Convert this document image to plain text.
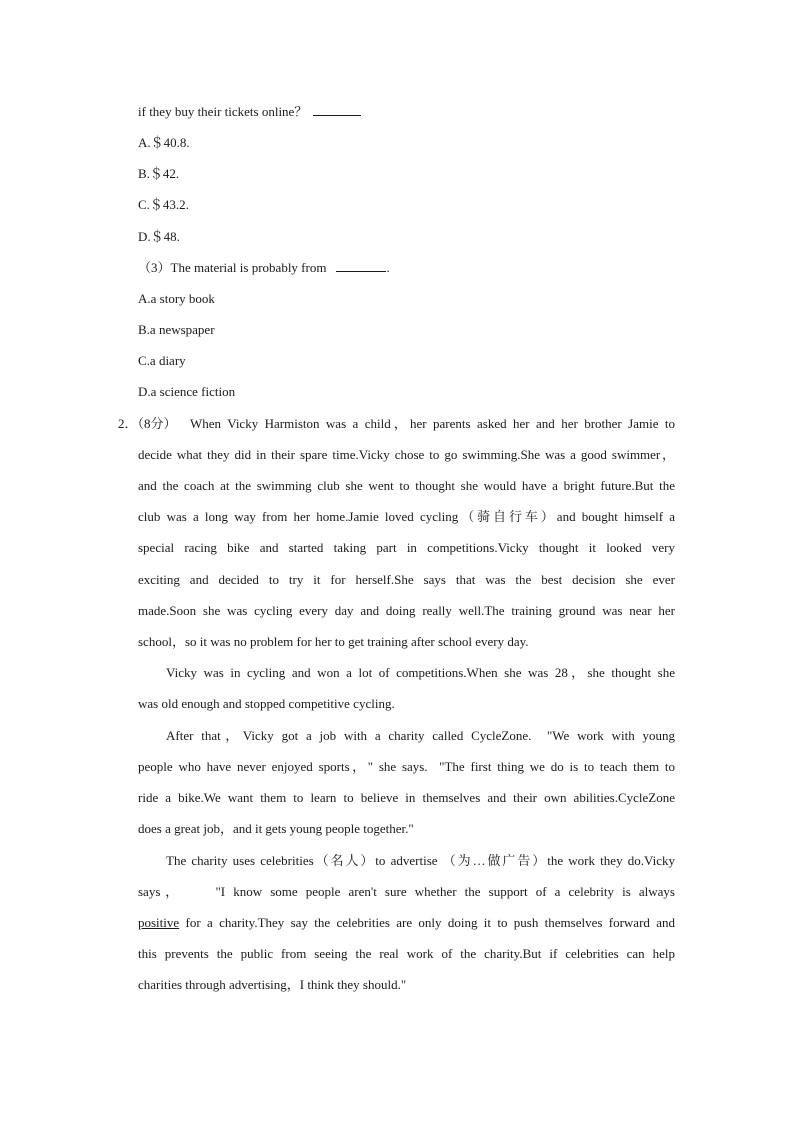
if they buy their tickets online？
A.＄40.8.
B.＄42.
C.＄43.2.
D.＄48.
（3）The material is probably from	.
A.a story book
B.a newspaper
C.a diary
D.a science fiction
2．（8分） When Vicky Harmiston was a child，her parents asked her and her brother Jamie to
decide what they did in their spare time.Vicky chose to go swimming.She was a good swimmer，
and the coach at the swimming club she went to thought she would have a bright future.But the
club was a long way from her home.Jamie loved cycling（骑自行车）and bought himself a
special racing bike and started taking part in competitions.Vicky thought it looked very
exciting and decided to try it for herself.She says that was the best decision she ever
made.Soon she was cycling every day and doing really well.The training ground was near her
school，so it was no problem for her to get training after school every day.
Vicky was in cycling and won a lot of competitions.When she was 28，she thought she
was old enough and stopped competitive cycling.
After that，Vicky got a job with a charity called CycleZone.  "We work with young
people who have never enjoyed sports，" she says.  "The first thing we do is to teach them to
ride a bike.We want them to learn to believe in themselves and their own abilities.CycleZone
does a great job，and it gets young people together."
The charity uses celebrities（名人）to advertise （为…做广告）the work they do.Vicky
says，    "I know some people aren't sure whether the support of a celebrity is always
positive for a charity.They say the celebrities are only doing it to push themselves forward and
this prevents the public from seeing the real work of the charity.But if celebrities can help
charities through advertising，I think they should."
